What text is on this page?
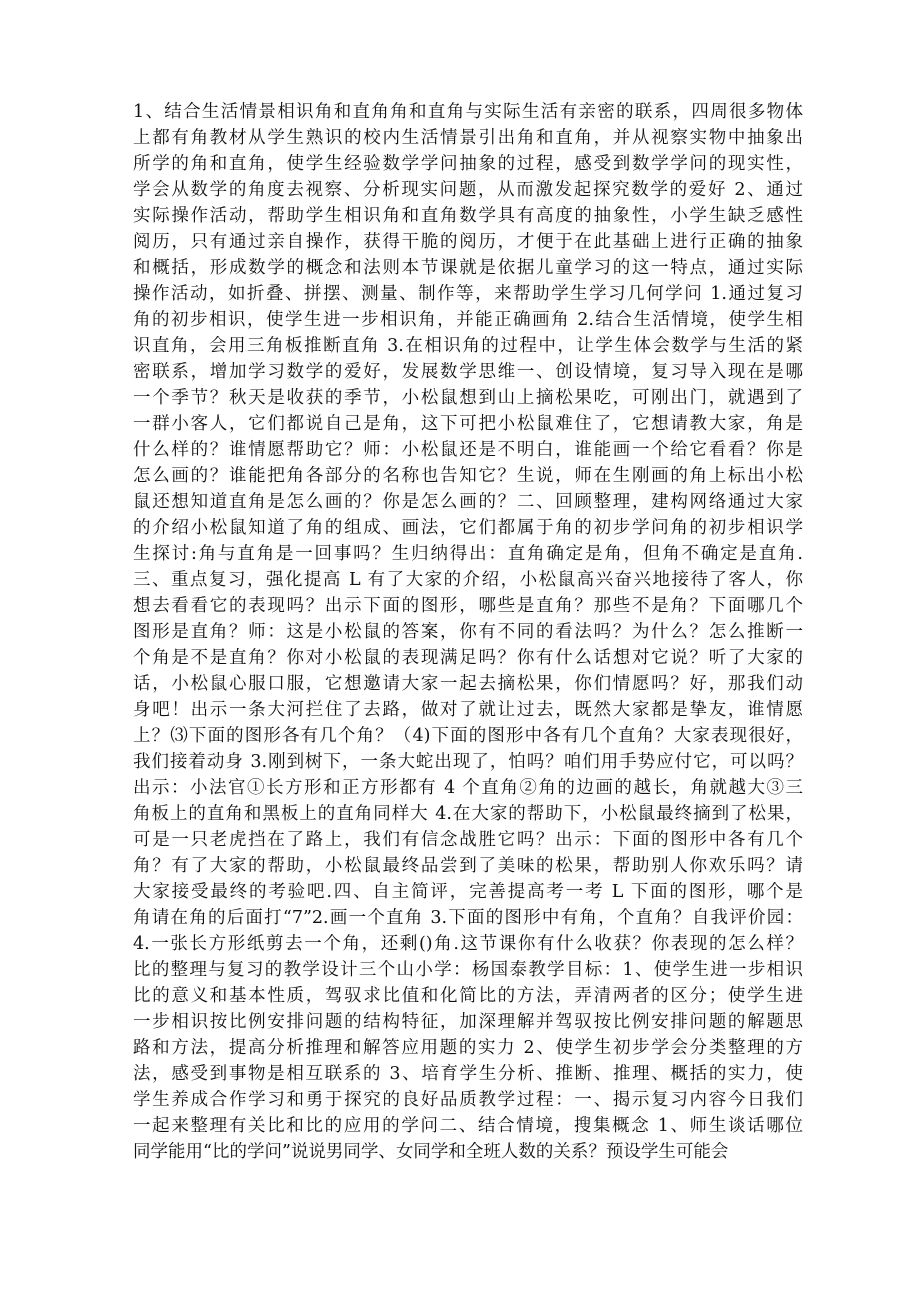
1、结合生活情景相识角和直角角和直角与实际生活有亲密的联系，四周很多物体
上都有角教材从学生熟识的校内生活情景引出角和直角，并从视察实物中抽象出
所学的角和直角，使学生经验数学学问抽象的过程，感受到数学学问的现实性，
学会从数学的角度去视察、分析现实问题，从而激发起探究数学的爱好 2、通过
实际操作活动，帮助学生相识角和直角数学具有高度的抽象性，小学生缺乏感性
阅历，只有通过亲自操作，获得干脆的阅历，才便于在此基础上进行正确的抽象
和概括，形成数学的概念和法则本节课就是依据儿童学习的这一特点，通过实际
操作活动，如折叠、拼摆、测量、制作等，来帮助学生学习几何学问 1.通过复习
角的初步相识，使学生进一步相识角，并能正确画角 2.结合生活情境，使学生相
识直角，会用三角板推断直角 3.在相识角的过程中，让学生体会数学与生活的紧
密联系，增加学习数学的爱好，发展数学思维一、创设情境，复习导入现在是哪
一个季节？秋天是收获的季节，小松鼠想到山上摘松果吃，可刚出门，就遇到了
一群小客人，它们都说自己是角，这下可把小松鼠难住了，它想请教大家，角是
什么样的？谁情愿帮助它？师：小松鼠还是不明白，谁能画一个给它看看？你是
怎么画的？谁能把角各部分的名称也告知它？生说，师在生刚画的角上标出小松
鼠还想知道直角是怎么画的？你是怎么画的？二、回顾整理，建构网络通过大家
的介绍小松鼠知道了角的组成、画法，它们都属于角的初步学问角的初步相识学
生探讨:角与直角是一回事吗？生归纳得出：直角确定是角，但角不确定是直角.
三、重点复习，强化提高 L 有了大家的介绍，小松鼠高兴奋兴地接待了客人，你
想去看看它的表现吗？出示下面的图形，哪些是直角？那些不是角？下面哪几个
图形是直角？师：这是小松鼠的答案，你有不同的看法吗？为什么？怎么推断一
个角是不是直角？你对小松鼠的表现满足吗？你有什么话想对它说？听了大家的
话，小松鼠心服口服，它想邀请大家一起去摘松果，你们情愿吗？好，那我们动
身吧！出示一条大河拦住了去路，做对了就让过去，既然大家都是挚友，谁情愿
上？⑶下面的图形各有几个角？（4)下面的图形中各有几个直角？大家表现很好，
我们接着动身 3.刚到树下，一条大蛇出现了，怕吗？咱们用手势应付它，可以吗？
出示：小法官①长方形和正方形都有 4 个直角②角的边画的越长，角就越大③三
角板上的直角和黑板上的直角同样大 4.在大家的帮助下，小松鼠最终摘到了松果，
可是一只老虎挡在了路上，我们有信念战胜它吗？出示：下面的图形中各有几个
角？有了大家的帮助，小松鼠最终品尝到了美味的松果，帮助别人你欢乐吗？请
大家接受最终的考验吧.四、自主简评，完善提高考一考 L 下面的图形，哪个是
角请在角的后面打“7”2.画一个直角 3.下面的图形中有角，个直角？自我评价园：
4.一张长方形纸剪去一个角，还剩()角.这节课你有什么收获？你表现的怎么样？
比的整理与复习的教学设计三个山小学：杨国泰教学目标：1、使学生进一步相识
比的意义和基本性质，驾驭求比值和化简比的方法，弄清两者的区分；使学生进
一步相识按比例安排问题的结构特征，加深理解并驾驭按比例安排问题的解题思
路和方法，提高分析推理和解答应用题的实力 2、使学生初步学会分类整理的方
法，感受到事物是相互联系的 3、培育学生分析、推断、推理、概括的实力，使
学生养成合作学习和勇于探究的良好品质教学过程：一、揭示复习内容今日我们
一起来整理有关比和比的应用的学问二、结合情境，搜集概念 1、师生谈话哪位
同学能用“比的学问”说说男同学、女同学和全班人数的关系？预设学生可能会
